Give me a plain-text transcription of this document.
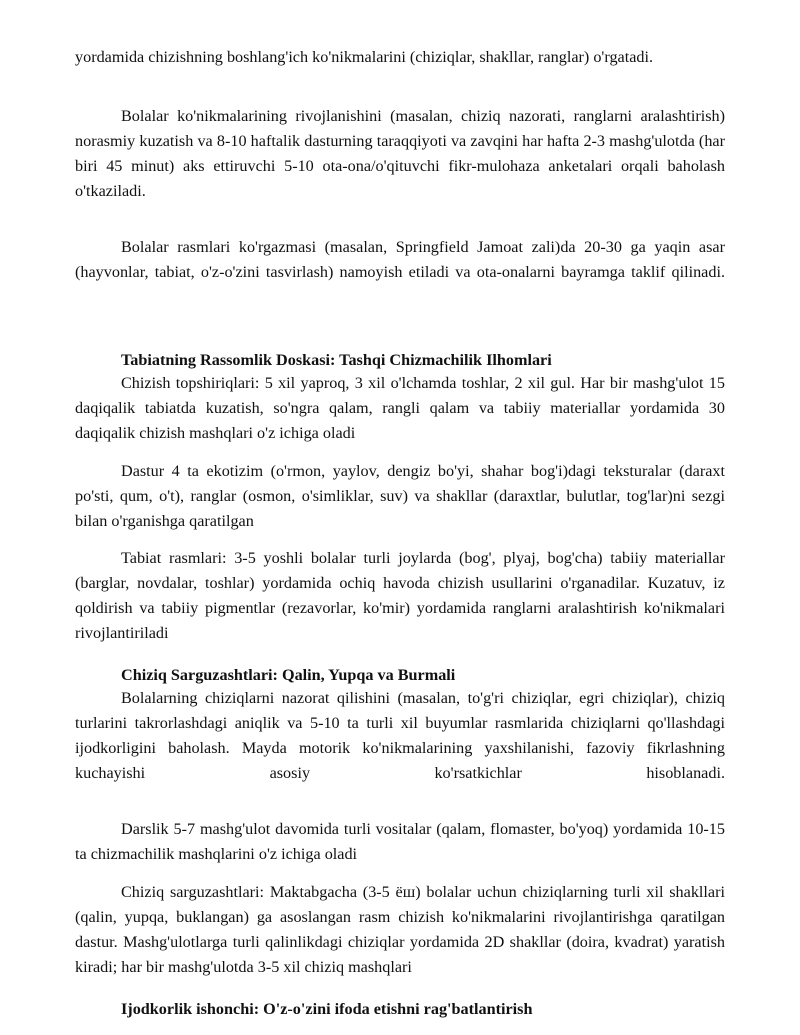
yordamida chizishning boshlang'ich ko'nikmalarini (chiziqlar, shakllar, ranglar) o'rgatadi.

Bolalar ko'nikmalarining rivojlanishini (masalan, chiziq nazorati, ranglarni aralashtirish) norasmiy kuzatish va 8-10 haftalik dasturning taraqqiyoti va zavqini har hafta 2-3 mashg'ulotda (har biri 45 minut) aks ettiruvchi 5-10 ota-ona/o'qituvchi fikr-mulohaza anketalari orqali baholash o'tkaziladi.

Bolalar rasmlari ko'rgazmasi (masalan, Springfield Jamoat zali)da 20-30 ga yaqin asar (hayvonlar, tabiat, o'z-o'zini tasvirlash) namoyish etiladi va ota-onalarni bayramga taklif qilinadi.

Tabiatning Rassomlik Doskasi: Tashqi Chizmachilik Ilhomlari

Chizish topshiriqlari: 5 xil yaproq, 3 xil o'lchamda toshlar, 2 xil gul. Har bir mashg'ulot 15 daqiqalik tabiatda kuzatish, so'ngra qalam, rangli qalam va tabiiy materiallar yordamida 30 daqiqalik chizish mashqlari o'z ichiga oladi

Dastur 4 ta ekotizim (o'rmon, yaylov, dengiz bo'yi, shahar bog'i)dagi teksturalar (daraxt po'sti, qum, o't), ranglar (osmon, o'simliklar, suv) va shakllar (daraxtlar, bulutlar, tog'lar)ni sezgi bilan o'rganishga qaratilgan

Tabiat rasmlari: 3-5 yoshli bolalar turli joylarda (bog', plyaj, bog'cha) tabiiy materiallar (barglar, novdalar, toshlar) yordamida ochiq havoda chizish usullarini o'rganadilar. Kuzatuv, iz qoldirish va tabiiy pigmentlar (rezavorlar, ko'mir) yordamida ranglarni aralashtirish ko'nikmalari rivojlantiriladi

Chiziq Sarguzashtlari: Qalin, Yupqa va Burmali

Bolalarning chiziqlarni nazorat qilishini (masalan, to'g'ri chiziqlar, egri chiziqlar), chiziq turlarini takrorlashdagi aniqlik va 5-10 ta turli xil buyumlar rasmlarida chiziqlarni qo'llashdagi ijodkorligini baholash. Mayda motorik ko'nikmalarining yaxshilanishi, fazoviy fikrlashning kuchayishi asosiy ko'rsatkichlar hisoblanadi.

Darslik 5-7 mashg'ulot davomida turli vositalar (qalam, flomaster, bo'yoq) yordamida 10-15 ta chizmachilik mashqlarini o'z ichiga oladi

Chiziq sarguzashtlari: Maktabgacha (3-5 ёш) bolalar uchun chiziqlarning turli xil shakllari (qalin, yupqa, buklangan) ga asoslangan rasm chizish ko'nikmalarini rivojlantirishga qaratilgan dastur. Mashg'ulotlarga turli qalinlikdagi chiziqlar yordamida 2D shakllar (doira, kvadrat) yaratish kiradi; har bir mashg'ulotda 3-5 xil chiziq mashqlari

Ijodkorlik ishonchi: O'z-o'zini ifoda etishni rag'batlantirish
